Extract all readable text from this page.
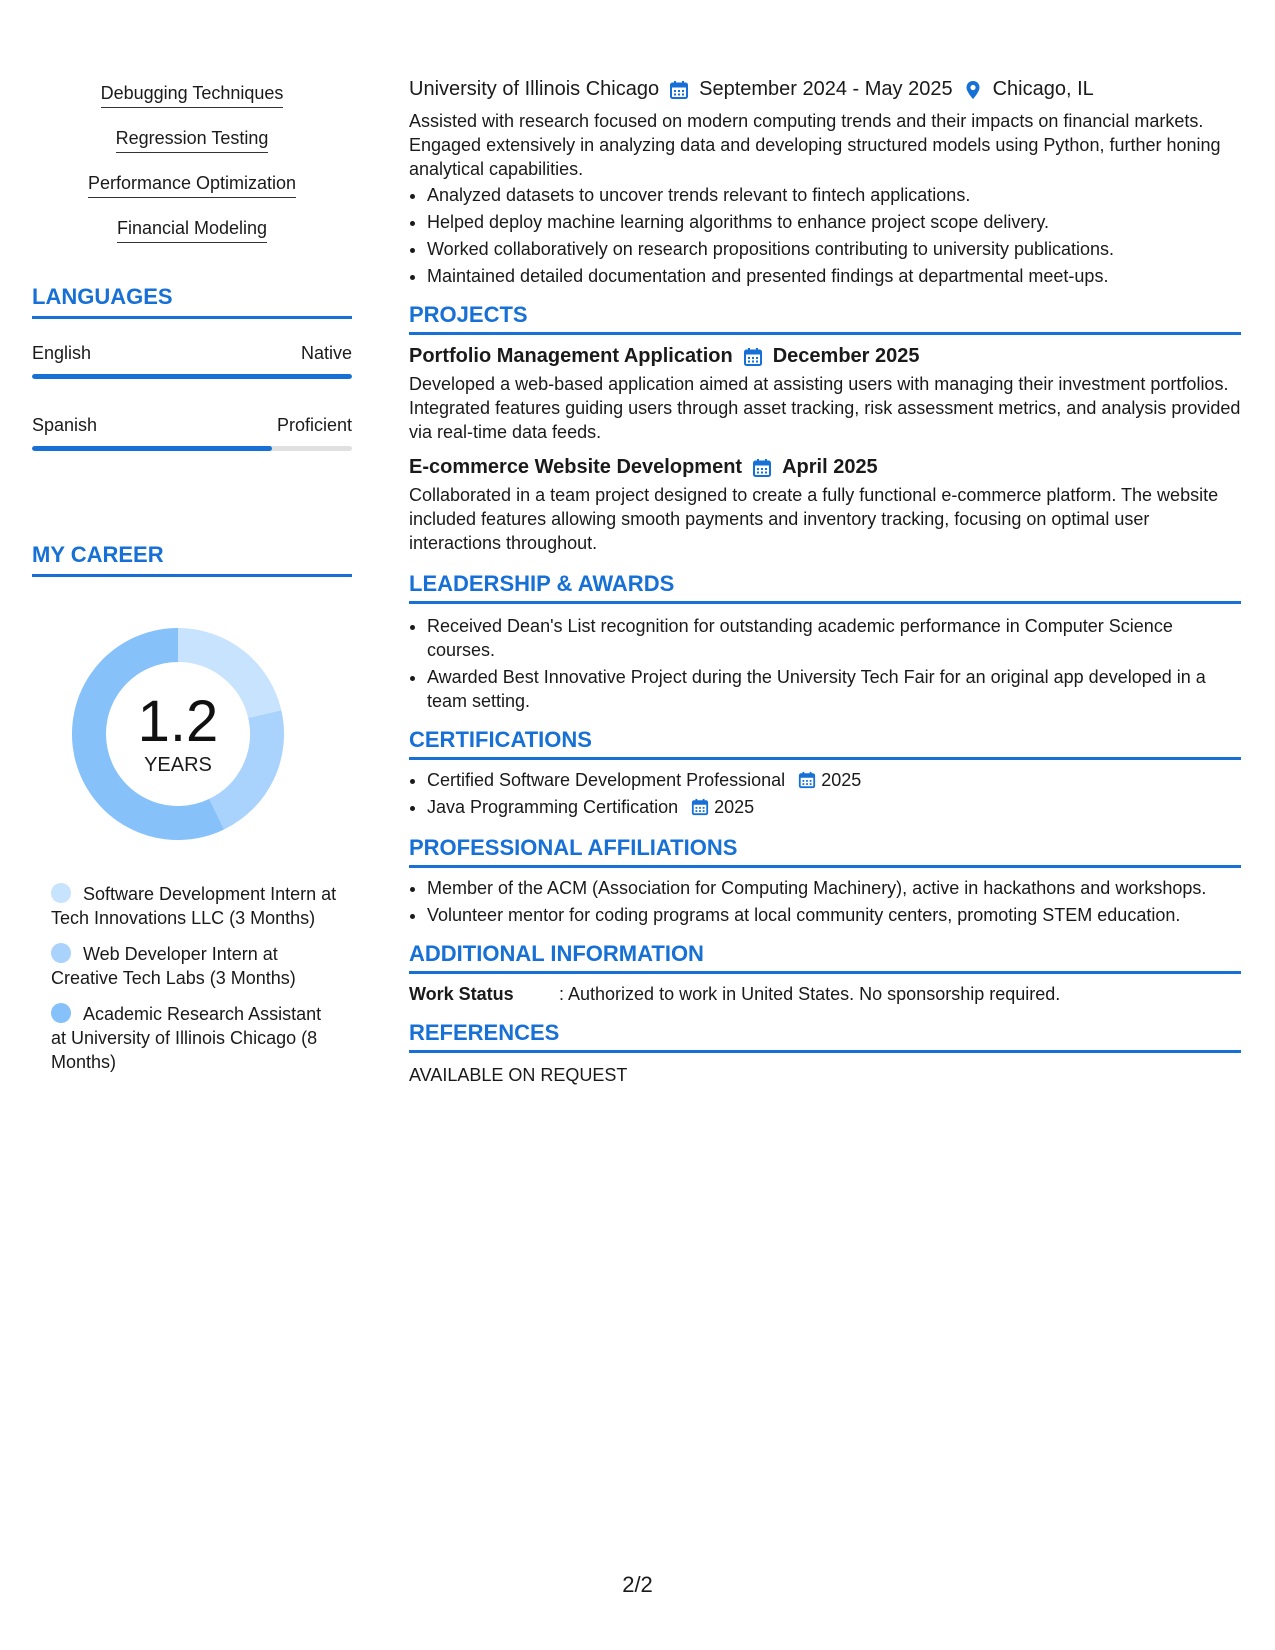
Debugging Techniques
Regression Testing
Performance Optimization
Financial Modeling
LANGUAGES
English	Native
Spanish	Proficient
MY CAREER
1.2
YEARS
Software Development Intern at Tech Innovations LLC (3 Months)
Web Developer Intern at Creative Tech Labs (3 Months)
Academic Research Assistant at University of Illinois Chicago (8 Months)
University of Illinois Chicago September 2024 - May 2025 Chicago, IL

Assisted with research focused on modern computing trends and their impacts on financial markets. Engaged extensively in analyzing data and developing structured models using Python, further honing analytical capabilities.

• Analyzed datasets to uncover trends relevant to fintech applications.
• Helped deploy machine learning algorithms to enhance project scope delivery.
• Worked collaboratively on research propositions contributing to university publications.
• Maintained detailed documentation and presented findings at departmental meet-ups.
PROJECTS
Portfolio Management Application December 2025

Developed a web-based application aimed at assisting users with managing their investment portfolios. Integrated features guiding users through asset tracking, risk assessment metrics, and analysis provided via real-time data feeds.

E-commerce Website Development April 2025

Collaborated in a team project designed to create a fully functional e-commerce platform. The website included features allowing smooth payments and inventory tracking, focusing on optimal user interactions throughout.

LEADERSHIP & AWARDS
• Received Dean's List recognition for outstanding academic performance in Computer Science courses.
• Awarded Best Innovative Project during the University Tech Fair for an original app developed in a team setting.
CERTIFICATIONS
• Certified Software Development Professional 2025
• Java Programming Certification 2025
PROFESSIONAL AFFILIATIONS
• Member of the ACM (Association for Computing Machinery), active in hackathons and workshops.
• Volunteer mentor for coding programs at local community centers, promoting STEM education.
ADDITIONAL INFORMATION
Work Status	: Authorized to work in United States. No sponsorship required.
REFERENCES

AVAILABLE ON REQUEST

2/2
